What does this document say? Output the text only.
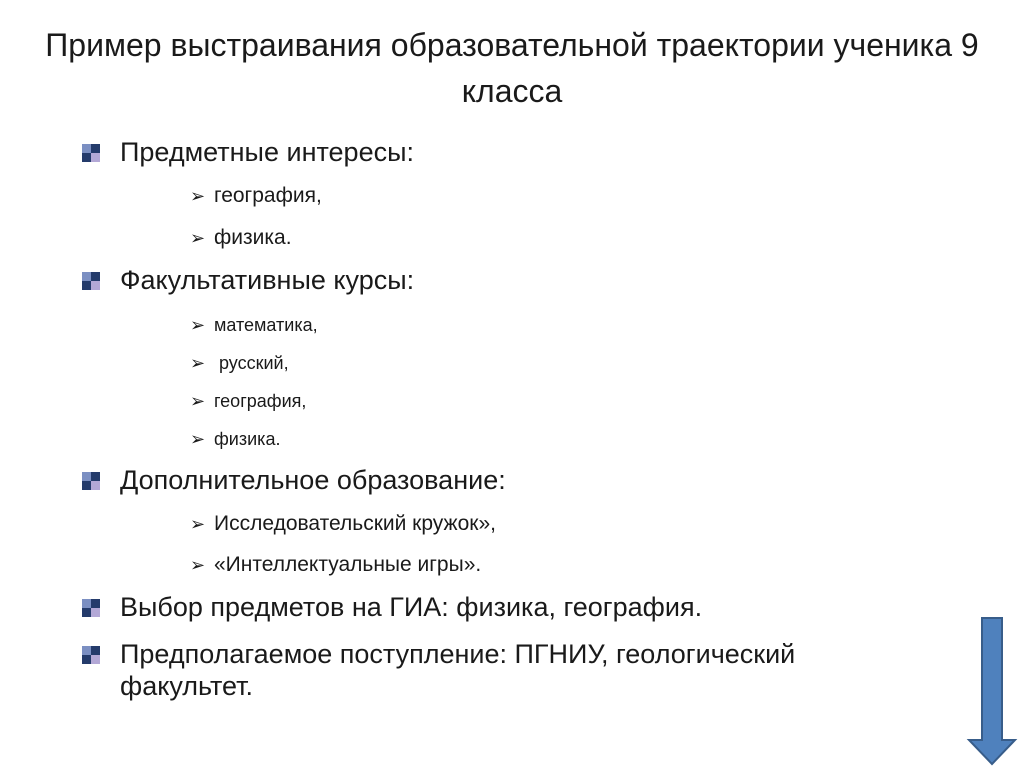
Пример выстраивания образовательной траектории ученика 9 класса
Предметные интересы:
➢ география,
➢ физика.
Факультативные курсы:
➢ математика,
➢ русский,
➢ география,
➢ физика.
Дополнительное образование:
➢ Исследовательский кружок»,
➢ «Интеллектуальные игры».
Выбор предметов на ГИА: физика, география.
Предполагаемое поступление: ПГНИУ, геологический факультет.
